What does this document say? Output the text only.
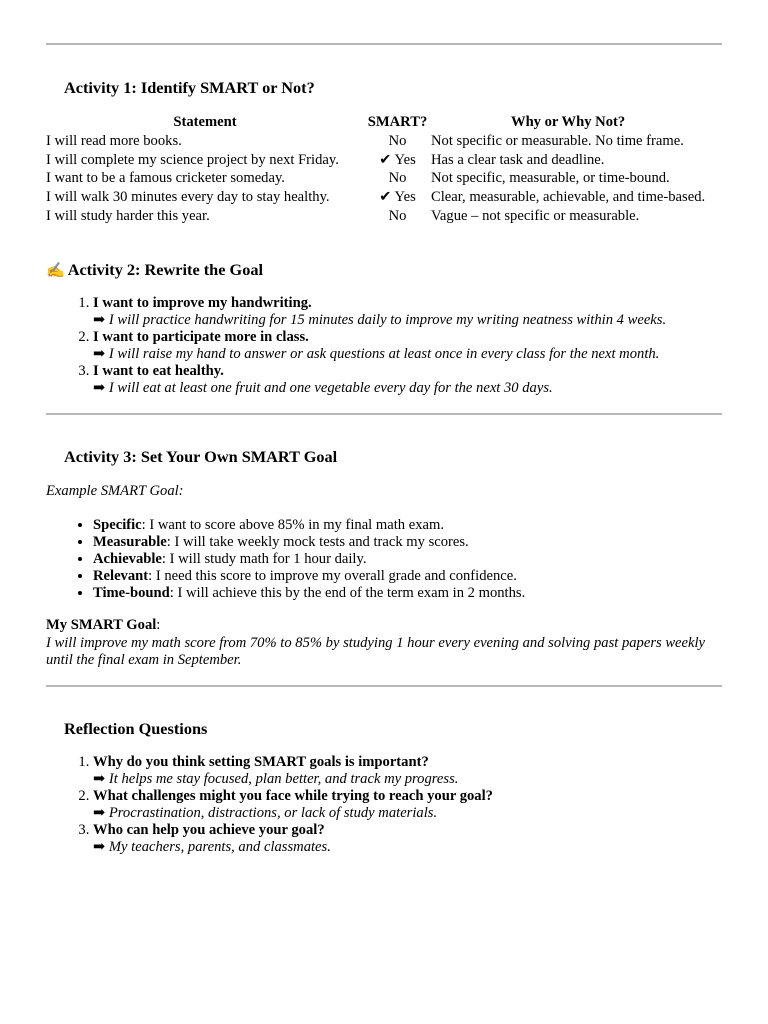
Activity 1: Identify SMART or Not?
Statement	SMART?	Why or Why Not?
I will read more books.	No	Not specific or measurable. No time frame.
I will complete my science project by next Friday.	✔ Yes	Has a clear task and deadline.
I want to be a famous cricketer someday.	No	Not specific, measurable, or time-bound.
I will walk 30 minutes every day to stay healthy.	✔ Yes	Clear, measurable, achievable, and time-based.
I will study harder this year.	No	Vague – not specific or measurable.
✍ Activity 2: Rewrite the Goal
1. I want to improve my handwriting.
➡ I will practice handwriting for 15 minutes daily to improve my writing neatness within 4 weeks.
2. I want to participate more in class.
➡ I will raise my hand to answer or ask questions at least once in every class for the next month.
3. I want to eat healthy.
➡ I will eat at least one fruit and one vegetable every day for the next 30 days.
Activity 3: Set Your Own SMART Goal
Example SMART Goal:
• Specific: I want to score above 85% in my final math exam.
• Measurable: I will take weekly mock tests and track my scores.
• Achievable: I will study math for 1 hour daily.
• Relevant: I need this score to improve my overall grade and confidence.
• Time-bound: I will achieve this by the end of the term exam in 2 months.
My SMART Goal:
I will improve my math score from 70% to 85% by studying 1 hour every evening and solving past papers weekly until the final exam in September.
Reflection Questions
1. Why do you think setting SMART goals is important?
➡ It helps me stay focused, plan better, and track my progress.
2. What challenges might you face while trying to reach your goal?
➡ Procrastination, distractions, or lack of study materials.
3. Who can help you achieve your goal?
➡ My teachers, parents, and classmates.
